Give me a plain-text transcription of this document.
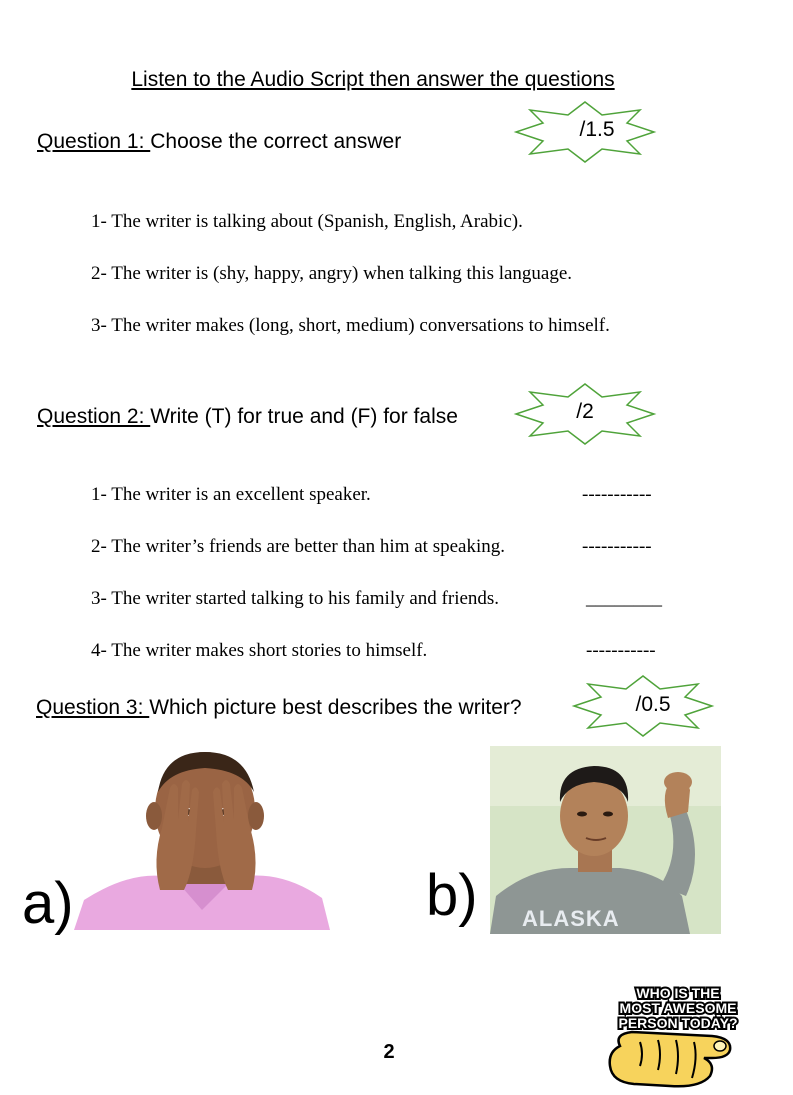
Listen to the Audio Script then answer the questions
Question 1: Choose the correct answer
/1.5
1- The writer is talking about (Spanish, English, Arabic).
2- The writer is (shy, happy, angry) when talking this language.
3- The writer makes (long, short, medium) conversations to himself.
Question 2: Write (T) for true and (F) for false	/2
1- The writer is an excellent speaker.	-----------
2- The writer’s friends are better than him at speaking.	-----------
3- The writer started talking to his family and friends.	________
4- The writer makes short stories to himself.	-----------
Question 3: Which picture best describes the writer?	/0.5
a)	b) ALASKA
WHO IS THE
MOST AWESOME
PERSON TODAY?
2
